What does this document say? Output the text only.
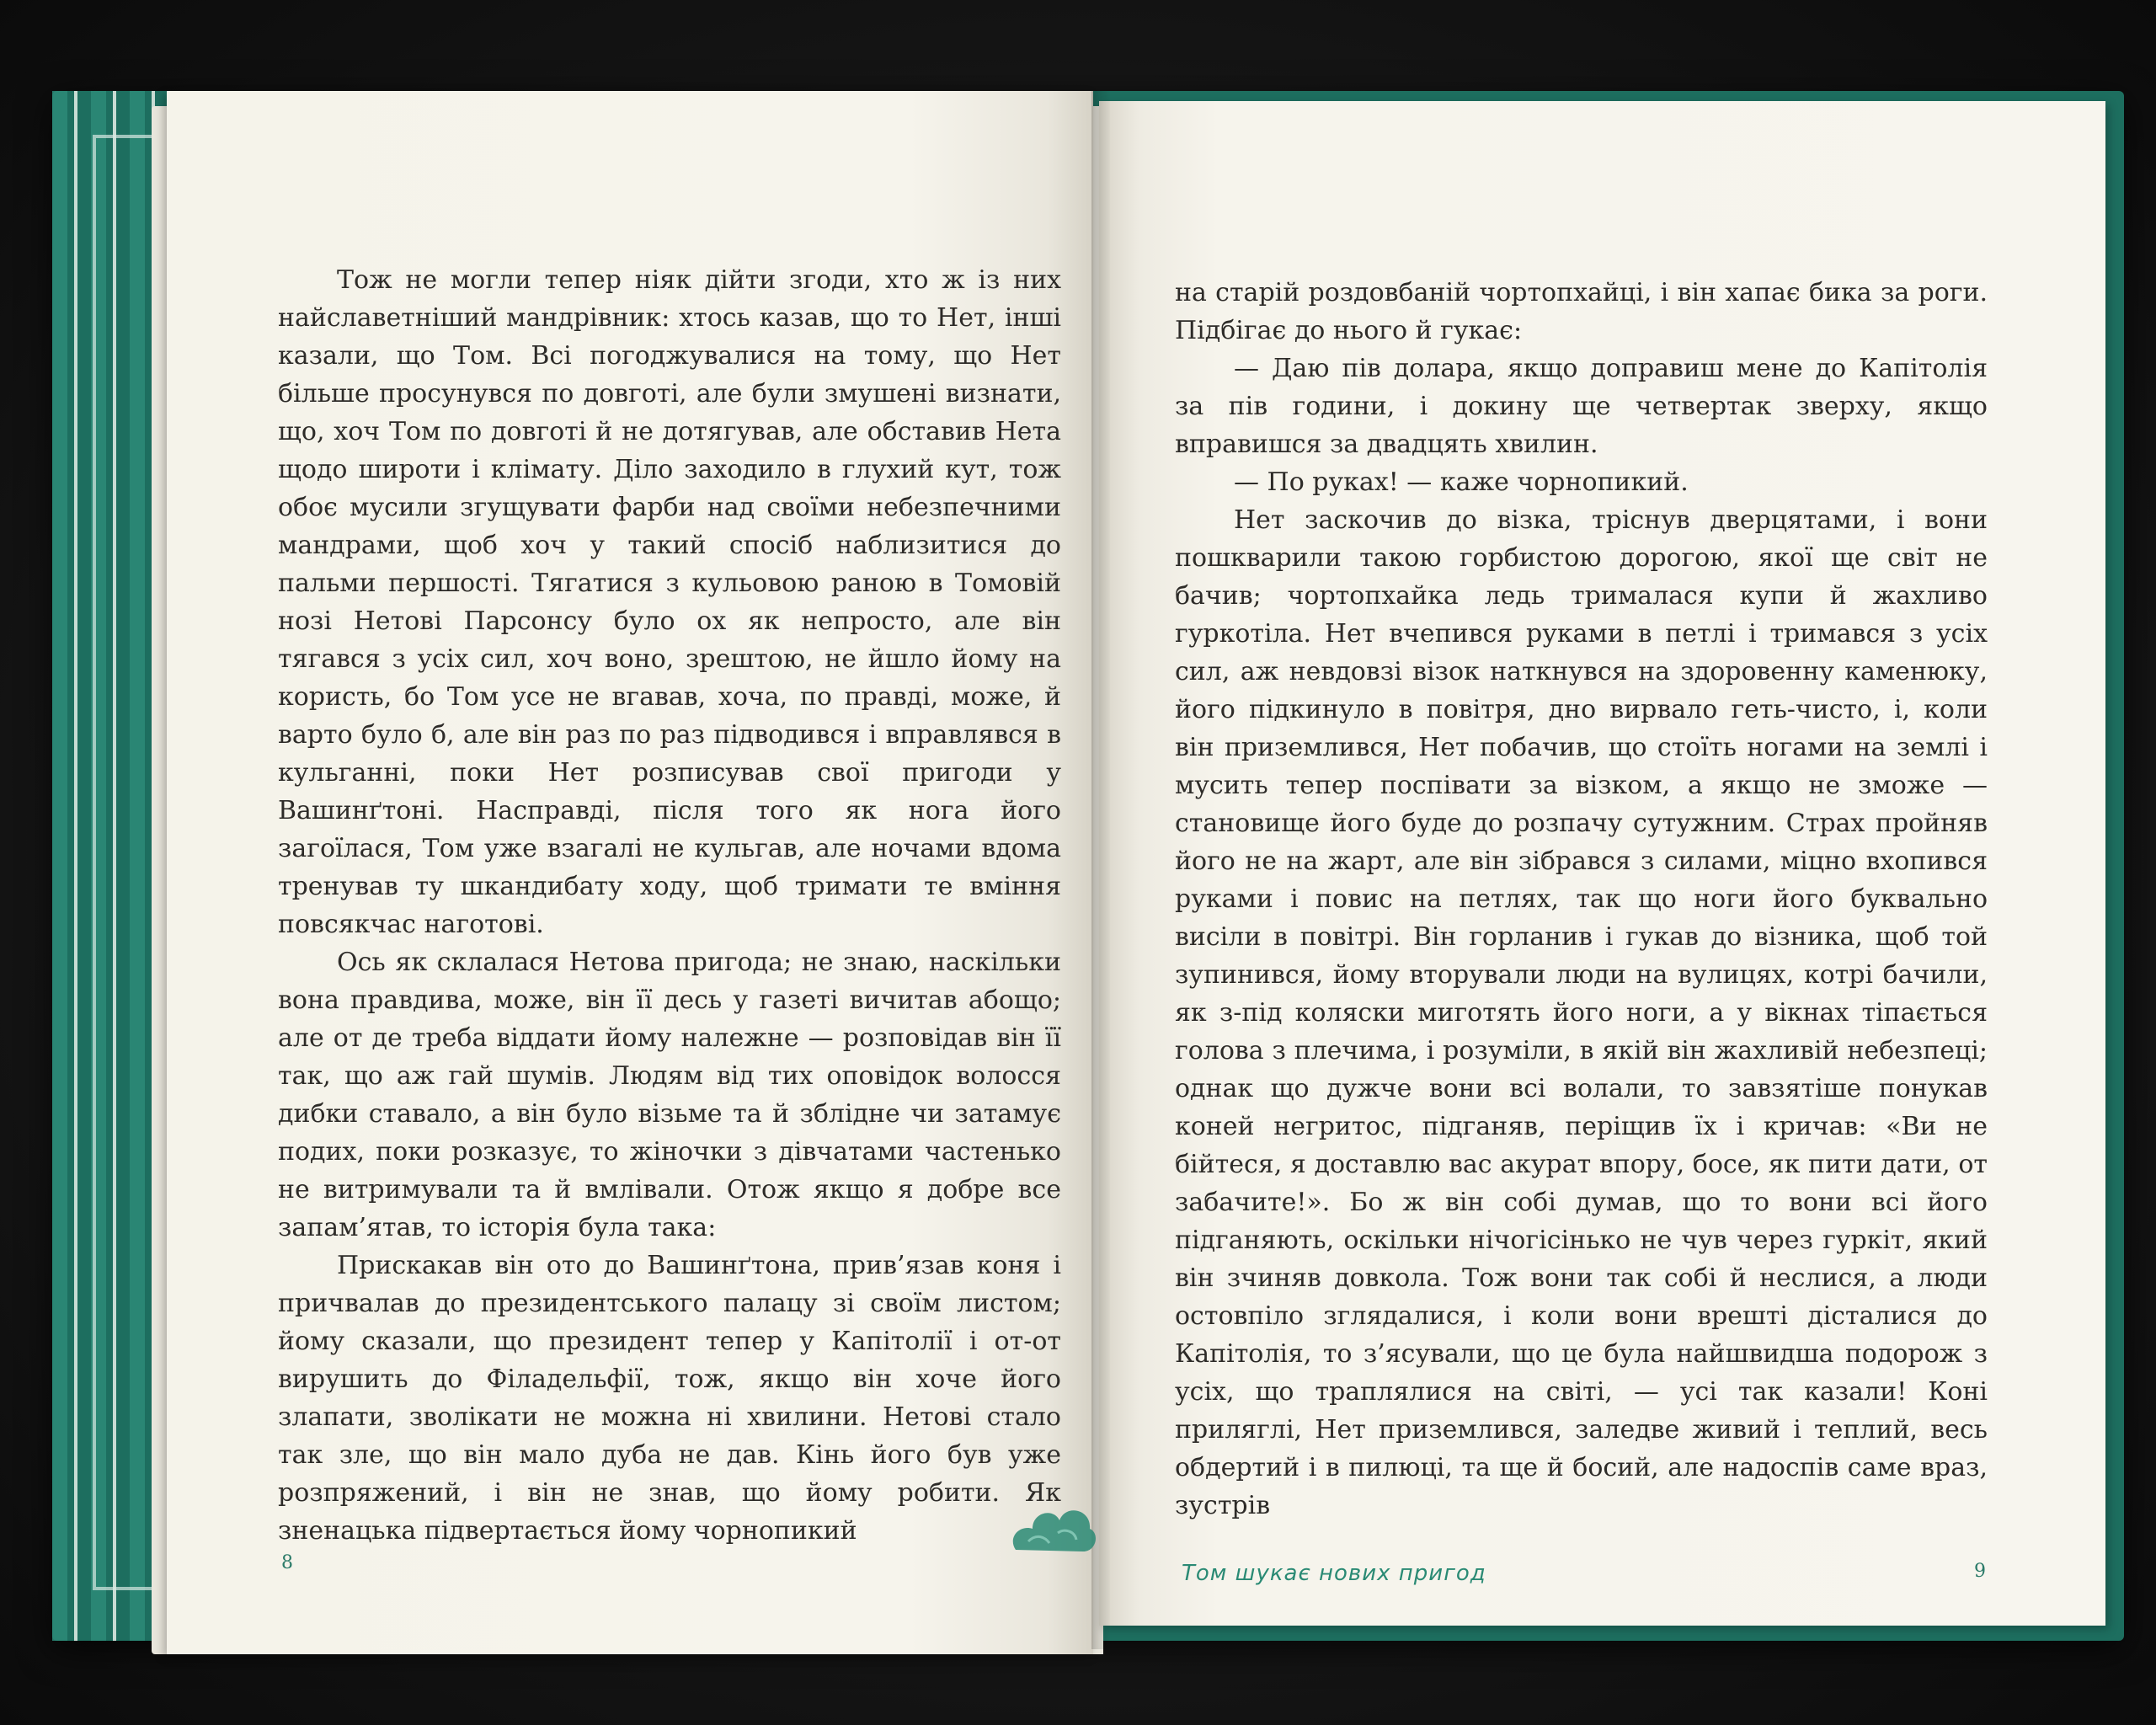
Тож не могли тепер ніяк дійти згоди, хто ж із них найславетніший мандрівник: хтось казав, що то Нет, інші казали, що Том. Всі погоджувалися на тому, що Нет більше просунувся по довготі, але були змушені визнати, що, хоч Том по довготі й не дотягував, але обставив Нета щодо широти і клімату. Діло заходило в глухий кут, тож обоє мусили згущувати фарби над своїми небезпечними мандрами, щоб хоч у такий спосіб наблизитися до пальми першості. Тягатися з кульовою раною в Томовій нозі Нетові Парсонсу було ох як непросто, але він тягався з усіх сил, хоч воно, зрештою, не йшло йому на користь, бо Том усе не вгавав, хоча, по правді, може, й варто було б, але він раз по раз підводився і вправлявся в кульганні, поки Нет розписував свої пригоди у Вашинґтоні. Насправді, після того як нога його загоїлася, Том уже взагалі не кульгав, але ночами вдома тренував ту шкандибату ходу, щоб тримати те вміння повсякчас наготові.

Ось як склалася Нетова пригода; не знаю, наскільки вона правдива, може, він її десь у газеті вичитав абощо; але от де треба віддати йому належне — розповідав він її так, що аж гай шумів. Людям від тих оповідок волосся дибки ставало, а він було візьме та й зблідне чи затамує подих, поки розказує, то жіночки з дівчатами частенько не витримували та й вмлівали. Отож якщо я добре все запам’ятав, то історія була така:

Прискакав він ото до Вашинґтона, прив’язав коня і причвалав до президентського палацу зі своїм листом; йому сказали, що президент тепер у Капітолії і от-от вирушить до Філадельфії, тож, якщо він хоче його злапати, зволікати не можна ні хвилини. Нетові стало так зле, що він мало дуба не дав. Кінь його був уже розпряжений, і він не знав, що йому робити. Як зненацька підвертається йому чорнопикий

на старій роздовбаній чортопхайці, і він хапає бика за роги. Підбігає до нього й гукає:

— Даю пів долара, якщо доправиш мене до Капітолія за пів години, і докину ще четвертак зверху, якщо вправишся за двадцять хвилин.

— По руках! — каже чорнопикий.

Нет заскочив до візка, тріснув дверцятами, і вони пошкварили такою горбистою дорогою, якої ще світ не бачив; чортопхайка ледь трималася купи й жахливо гуркотіла. Нет вчепився руками в петлі і тримався з усіх сил, аж невдовзі візок наткнувся на здоровенну каменюку, його підкинуло в повітря, дно вирвало геть-чисто, і, коли він приземлився, Нет побачив, що стоїть ногами на землі і мусить тепер поспівати за візком, а якщо не зможе — становище його буде до розпачу сутужним. Страх пройняв його не на жарт, але він зібрався з силами, міцно вхопився руками і повис на петлях, так що ноги його буквально висіли в повітрі. Він горланив і гукав до візника, щоб той зупинився, йому вторували люди на вулицях, котрі бачили, як з-під коляски миготять його ноги, а у вікнах тіпається голова з плечима, і розуміли, в якій він жахливій небезпеці; однак що дужче вони всі волали, то завзятіше понукав коней негритос, підганяв, періщив їх і кричав: «Ви не бійтеся, я доставлю вас акурат впору, босе, як пити дати, от забачите!». Бо ж він собі думав, що то вони всі його підганяють, оскільки нічогісінько не чув через гуркіт, який він зчиняв довкола. Тож вони так собі й неслися, а люди остовпіло зглядалися, і коли вони врешті дісталися до Капітолія, то з’ясували, що це була найшвидша подорож з усіх, що траплялися на світі, — усі так казали! Коні приляглі, Нет приземлився, заледве живий і теплий, весь обдертий і в пилюці, та ще й босий, але надоспів саме враз, зустрів

8	Том шукає нових пригод	9
